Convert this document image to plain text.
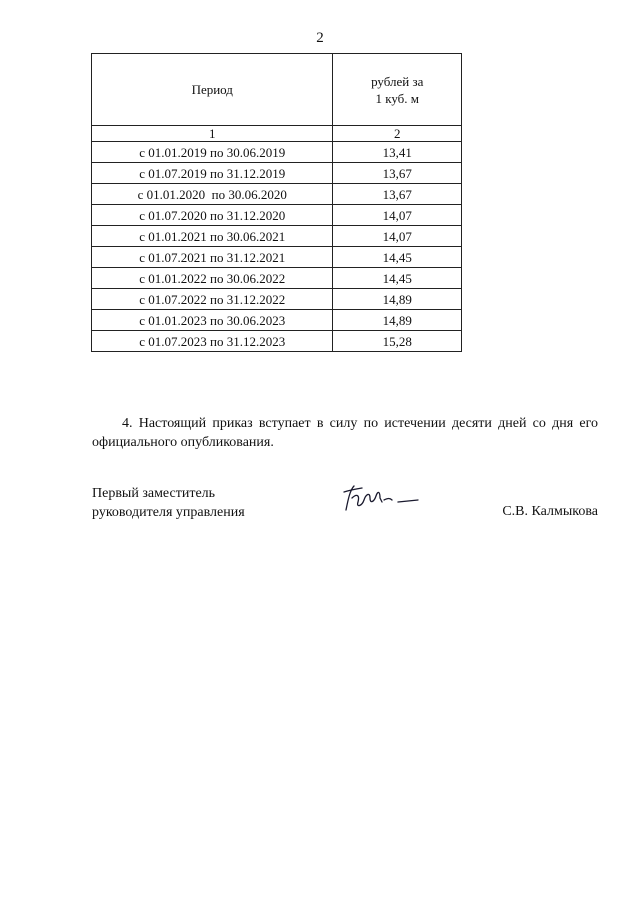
2
Период	рублей за
1 куб. м

1	2
с 01.01.2019 по 30.06.2019	13,41
с 01.07.2019 по 31.12.2019	13,67
с 01.01.2020  по 30.06.2020	13,67
с 01.07.2020 по 31.12.2020	14,07
с 01.01.2021 по 30.06.2021	14,07
с 01.07.2021 по 31.12.2021	14,45
с 01.01.2022 по 30.06.2022	14,45
с 01.07.2022 по 31.12.2022	14,89
с 01.01.2023 по 30.06.2023	14,89
с 01.07.2023 по 31.12.2023	15,28

4. Настоящий приказ вступает в силу по истечении десяти дней со дня его официального опубликования.

Первый заместитель
руководителя управления	С.В. Калмыкова
